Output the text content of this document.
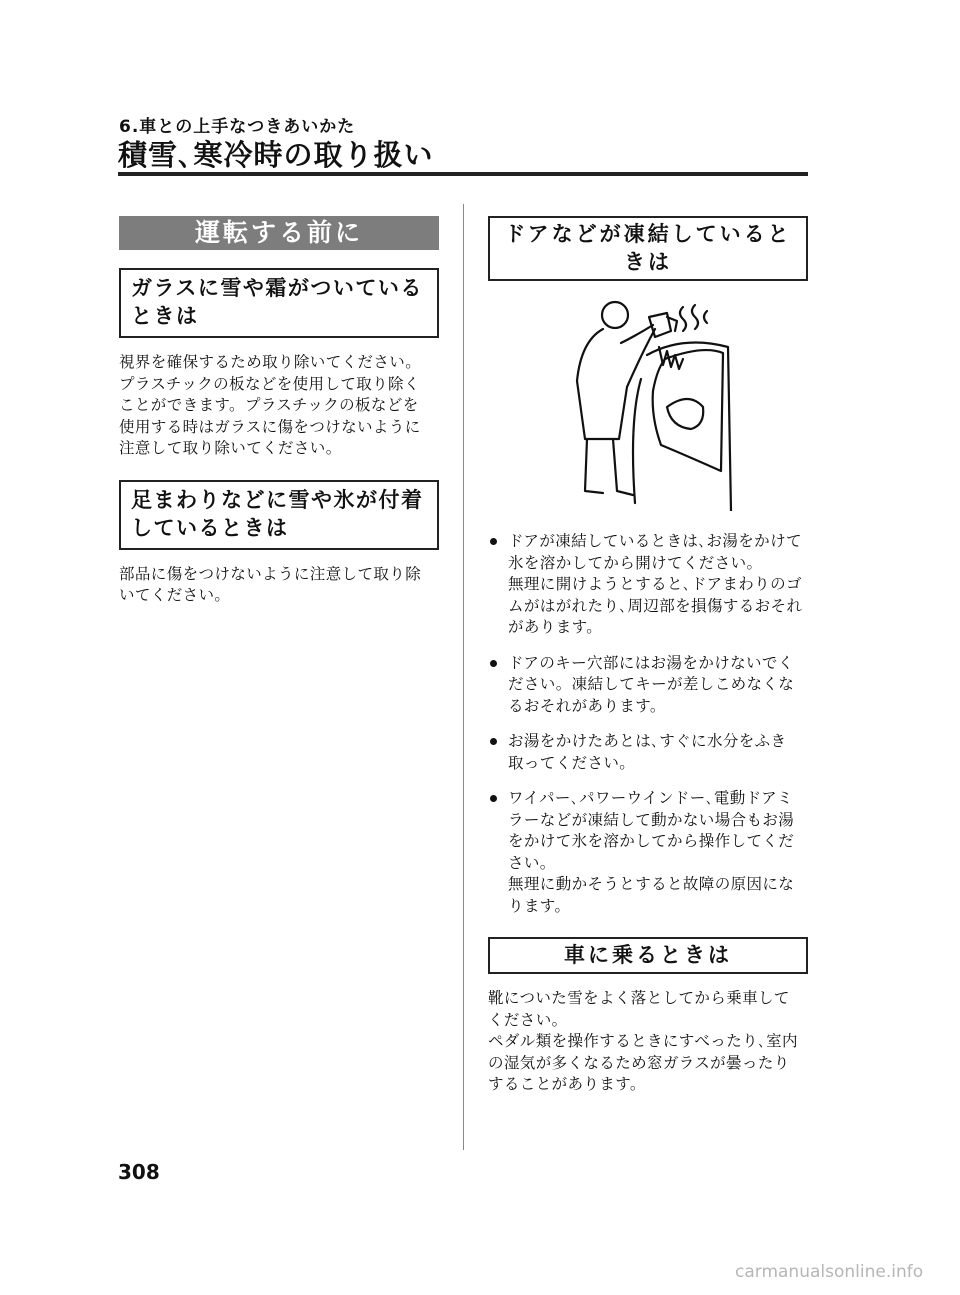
6.車との上手なつきあいかた
積雪､寒冷時の取り扱い
運転する前に
ガラスに雪や霜がついている
ときは

視界を確保するため取り除いてください。

プラスチックの板などを使用して取り除く

ことができます。プラスチックの板などを

使用する時はガラスに傷をつけないように

注意して取り除いてください。

足まわりなどに雪や氷が付着
しているときは

部品に傷をつけないように注意して取り除

いてください。

ドアなどが凍結しているときは

ドアが凍結しているときは､お湯をかけて

氷を溶かしてから開けてください。

無理に開けようとすると､ドアまわりのゴ

ムがはがれたり､周辺部を損傷するおそれ

があります。

ドアのキー穴部にはお湯をかけないでく

ださい。凍結してキーが差しこめなくな

るおそれがあります。

お湯をかけたあとは､すぐに水分をふき

取ってください。

ワイパー､パワーウインドー､電動ドアミ

ラーなどが凍結して動かない場合もお湯

をかけて氷を溶かしてから操作してくだ

さい。

無理に動かそうとすると故障の原因にな

ります。

車に乗るときは

靴についた雪をよく落としてから乗車して

ください。

ペダル類を操作するときにすべったり､室内

の湿気が多くなるため窓ガラスが曇ったり

することがあります。

308
carmanualsonline.info
